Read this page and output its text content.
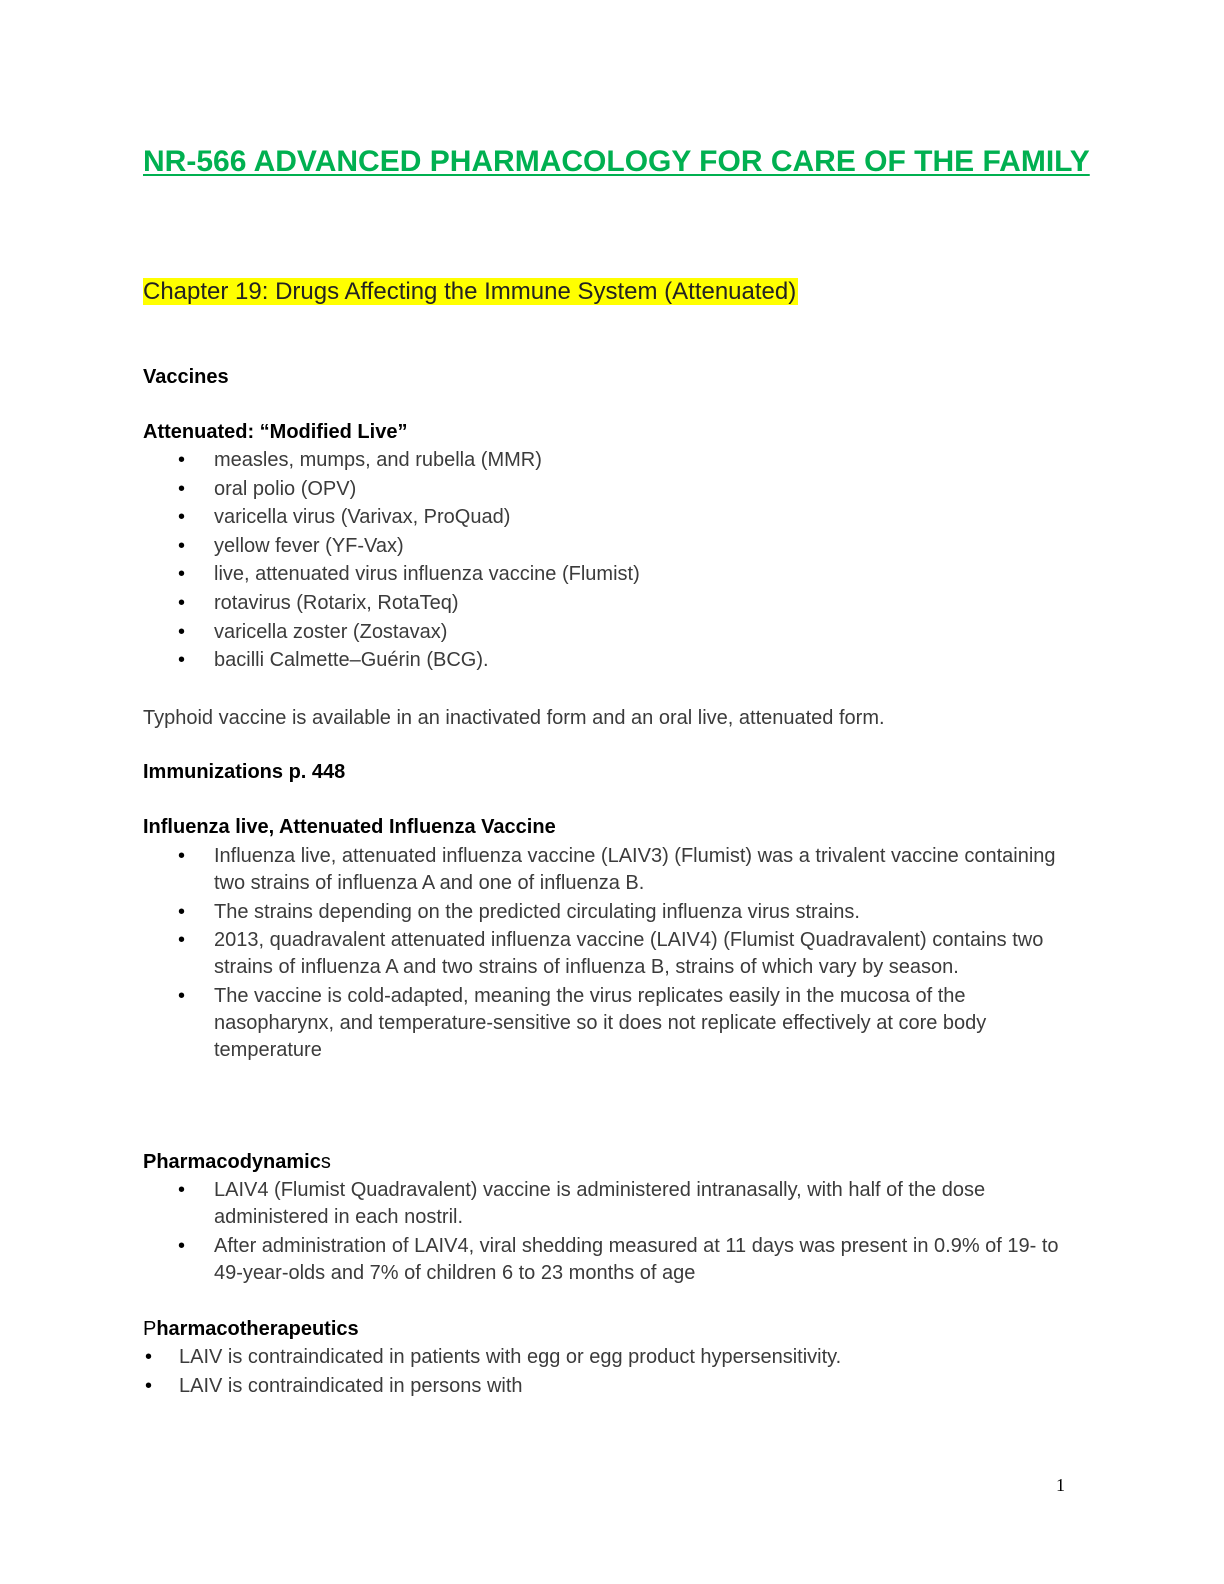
NR-566 ADVANCED PHARMACOLOGY FOR CARE OF THE FAMILY
Chapter 19: Drugs Affecting the Immune System (Attenuated)
Vaccines
Attenuated: “Modified Live”
• measles, mumps, and rubella (MMR)
• oral polio (OPV)
• varicella virus (Varivax, ProQuad)
• yellow fever (YF-Vax)
• live, attenuated virus influenza vaccine (Flumist)
• rotavirus (Rotarix, RotaTeq)
• varicella zoster (Zostavax)
• bacilli Calmette–Guérin (BCG).

Typhoid vaccine is available in an inactivated form and an oral live, attenuated form.

Immunizations p. 448
Influenza live, Attenuated Influenza Vaccine
• Influenza live, attenuated influenza vaccine (LAIV3) (Flumist) was a trivalent vaccine containing two strains of influenza A and one of influenza B.
• The strains depending on the predicted circulating influenza virus strains.
• 2013, quadravalent attenuated influenza vaccine (LAIV4) (Flumist Quadravalent) contains two strains of influenza A and two strains of influenza B, strains of which vary by season.
• The vaccine is cold-adapted, meaning the virus replicates easily in the mucosa of the nasopharynx, and temperature-sensitive so it does not replicate effectively at core body temperature
Pharmacodynamics
• LAIV4 (Flumist Quadravalent) vaccine is administered intranasally, with half of the dose administered in each nostril.
• After administration of LAIV4, viral shedding measured at 11 days was present in 0.9% of 19- to 49-year-olds and 7% of children 6 to 23 months of age
Pharmacotherapeutics
• LAIV is contraindicated in patients with egg or egg product hypersensitivity.
• LAIV is contraindicated in persons with

1
